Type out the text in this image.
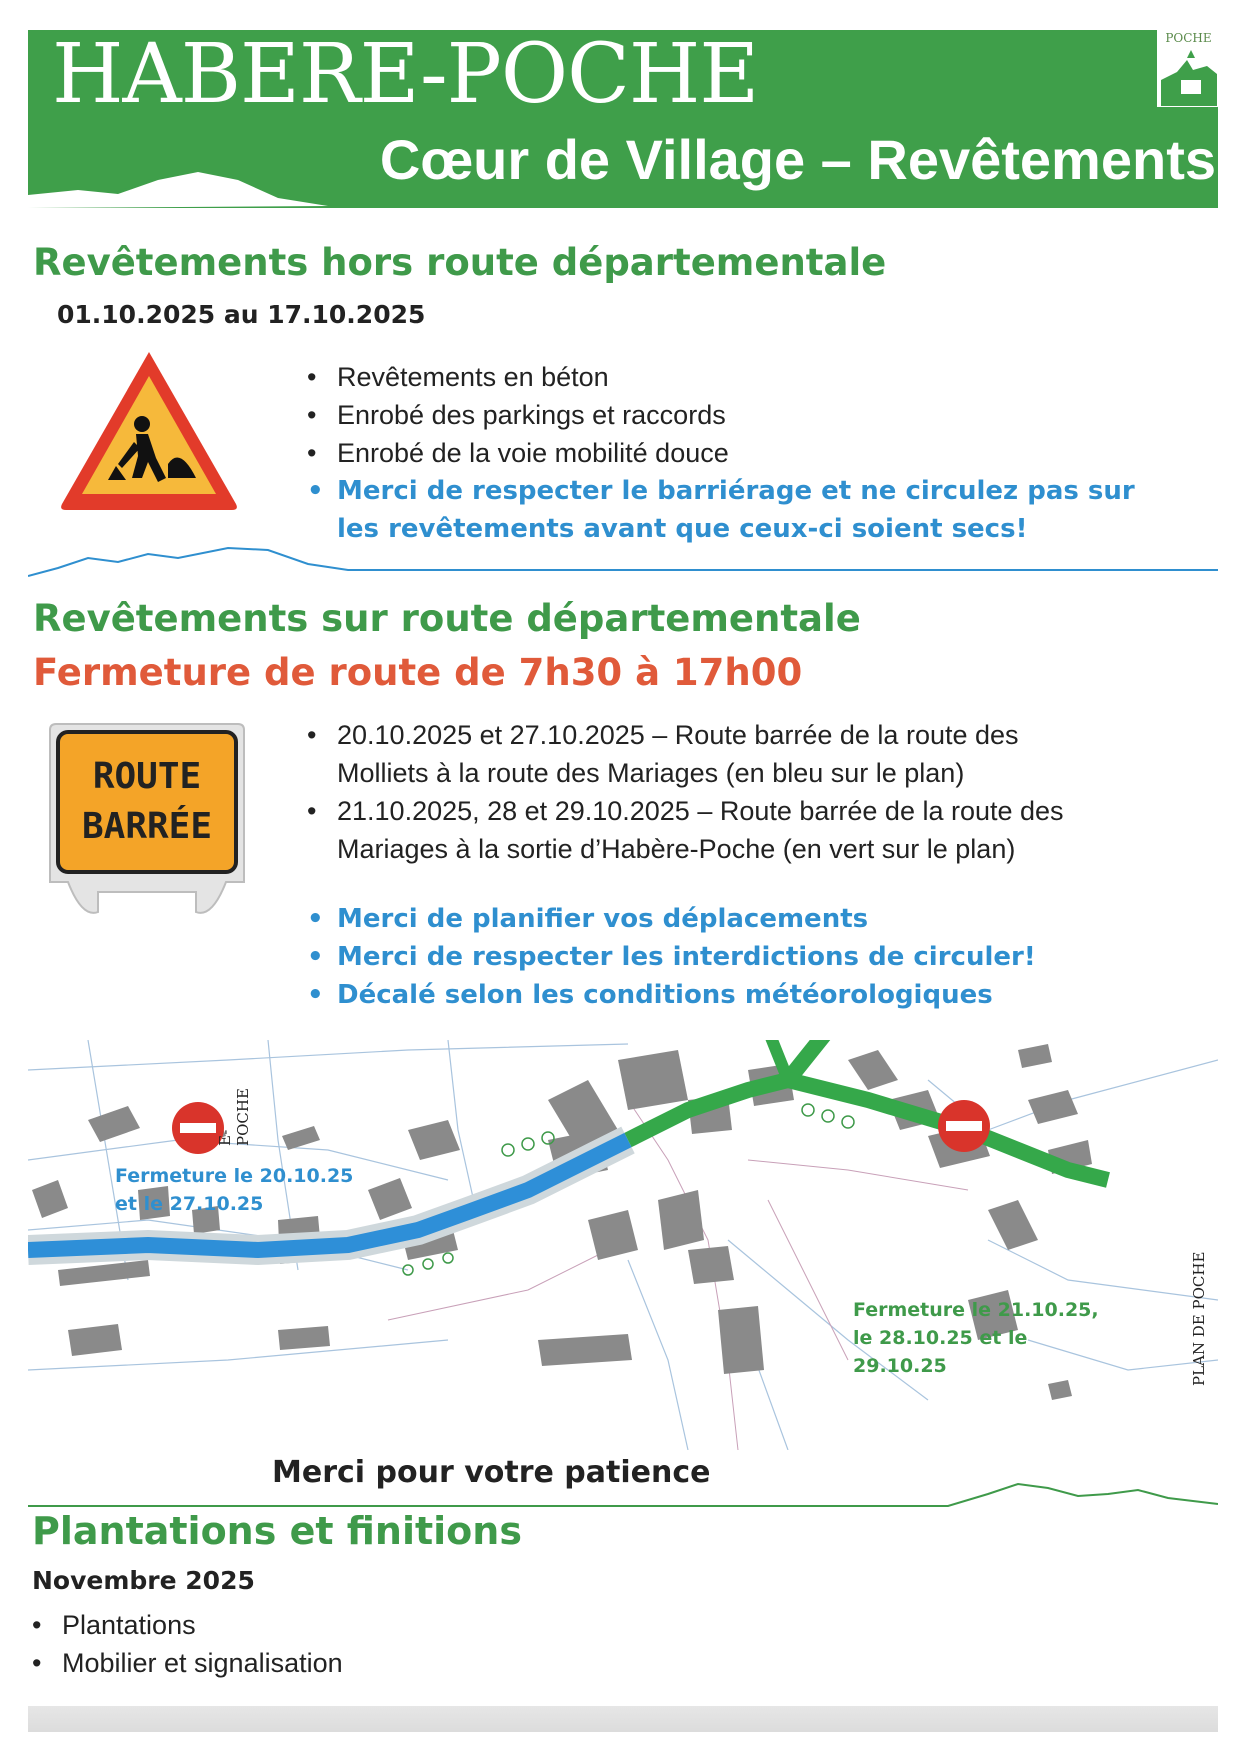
HABERE-POCHE
Cœur de Village – Revêtements
POCHE
Revêtements hors route départementale
01.10.2025 au 17.10.2025
• Revêtements en béton
• Enrobé des parkings et raccords
• Enrobé de la voie mobilité douce
• Merci de respecter le barriérage et ne circulez pas sur
les revêtements avant que ceux-ci soient secs!
Revêtements sur route départementale
Fermeture de route de 7h30 à 17h00
ROUTE
BARRÉE
• 20.10.2025 et 27.10.2025 – Route barrée de la route des
Molliets à la route des Mariages (en bleu sur le plan)
• 21.10.2025, 28 et 29.10.2025 – Route barrée de la route des
Mariages à la sortie d’Habère-Poche (en vert sur le plan)
• Merci de planifier vos déplacements
• Merci de respecter les interdictions de circuler!
• Décalé selon les conditions météorologiques
Fermeture le 20.10.25
et le 27.10.25
Fermeture le 21.10.25,
le 28.10.25 et le
29.10.25
E-POCHE
PLAN DE POCHE
Merci pour votre patience
Plantations et finitions
Novembre 2025
• Plantations
• Mobilier et signalisation
